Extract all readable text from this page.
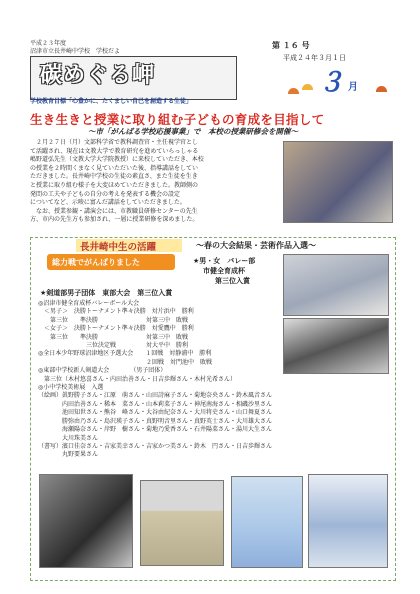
平成２３年度
沼津市立長井崎中学校　学校だよ
碳めぐる岬
学校教育目標「心豊かに、たくましい自己を創造する生徒」
第 １６ 号
平成２４年３月１日
３ 月
生き生きと授業に取り組む子どもの育成を目指して
～市「がんばる学校応援事業」で　本校の授業研修会を開催～
　２月２７日（月）文部科学省で教科調査官・主任視学官とし
て活躍され、現在は文教大学で教育研究を進めていらっしゃる
嶋野道弘先生（文教大学大学院教授）に来校していただき、本校
の授業を２時間くまなく見ていただいた後、指導講話をしてい
ただきました。長井崎中学校の生徒の素直さ、また生徒を生き
と授業に取り組む様子を大変ほめていただきました。教師側の
発問の工夫や子どもの自分の考えを発表する機会の設定
についてなど、示唆に富んだ講話をしていただきました。
　なお、授業参観・講演会には、市教職員研修センターの先生
方、市内の先生方も参加され、一層に授業研修を深めました。
長井崎中生の活躍	～春の大会結果・芸術作品入選～
総力戦でがんばりました	★男・女　バレー部
市健全育成杯
第三位入賞
★剣道部男子団体　東部大会　第三位入賞
◎沼津市健全育成杯バレーボール大会
　＜男子＞　決勝トーナメント準々決勝　対片浜中　勝利
　　第三位　　準決勝　　　　　　　　対第三中　敗戦
　＜女子＞　決勝トーナメント準々決勝　対愛鷹中　勝利
　　第三位　　準決勝　　　　　　　　対第三中　敗戦
　　　　　　　　三位決定戦　　　　　対大平中　勝利
◎全日本少年野球沼津地区予選大会　　１回戦　対静浦中　勝利
　　　　　　　　　　　　　　　　　　２回戦　対門池中　敗戦
◎東部中学校新人剣道大会　　　　（男子団体）
　第三位（木村悠喜さん・内田治善さん・日吉歩輝さん・木村光希さん）
◎小中学校美術展　入選
（絵画）眞野勝子さん・江原　萌さん・山田詩麻子さん・菊地奈央さん・鈴木風音さん
　　　　内田治善さん・稀本　菜さん・山本莉菜子さん・神尾南海さん・相磯沙里さん
　　　　池田知世さん・熊谷　峰さん・大谷由紀奈さん・大川将史さん・山口舞夏さん
　　　　勝弥由乃さん・島沢瑛子さん・真野明音里さん・真野英士さん・大川雄大さん
　　　　海瀬陽奈さん・岸野　樹さん・菊地乃愛香さん・石井陽菜さん・湯川大生さん
　　　　大川珠美さん
（書写）濱口佳奈さん・吉家美幸さん・吉家かつ美さん・鈴木　円さん・日吉歩輝さん
　　　　丸野要果さん
